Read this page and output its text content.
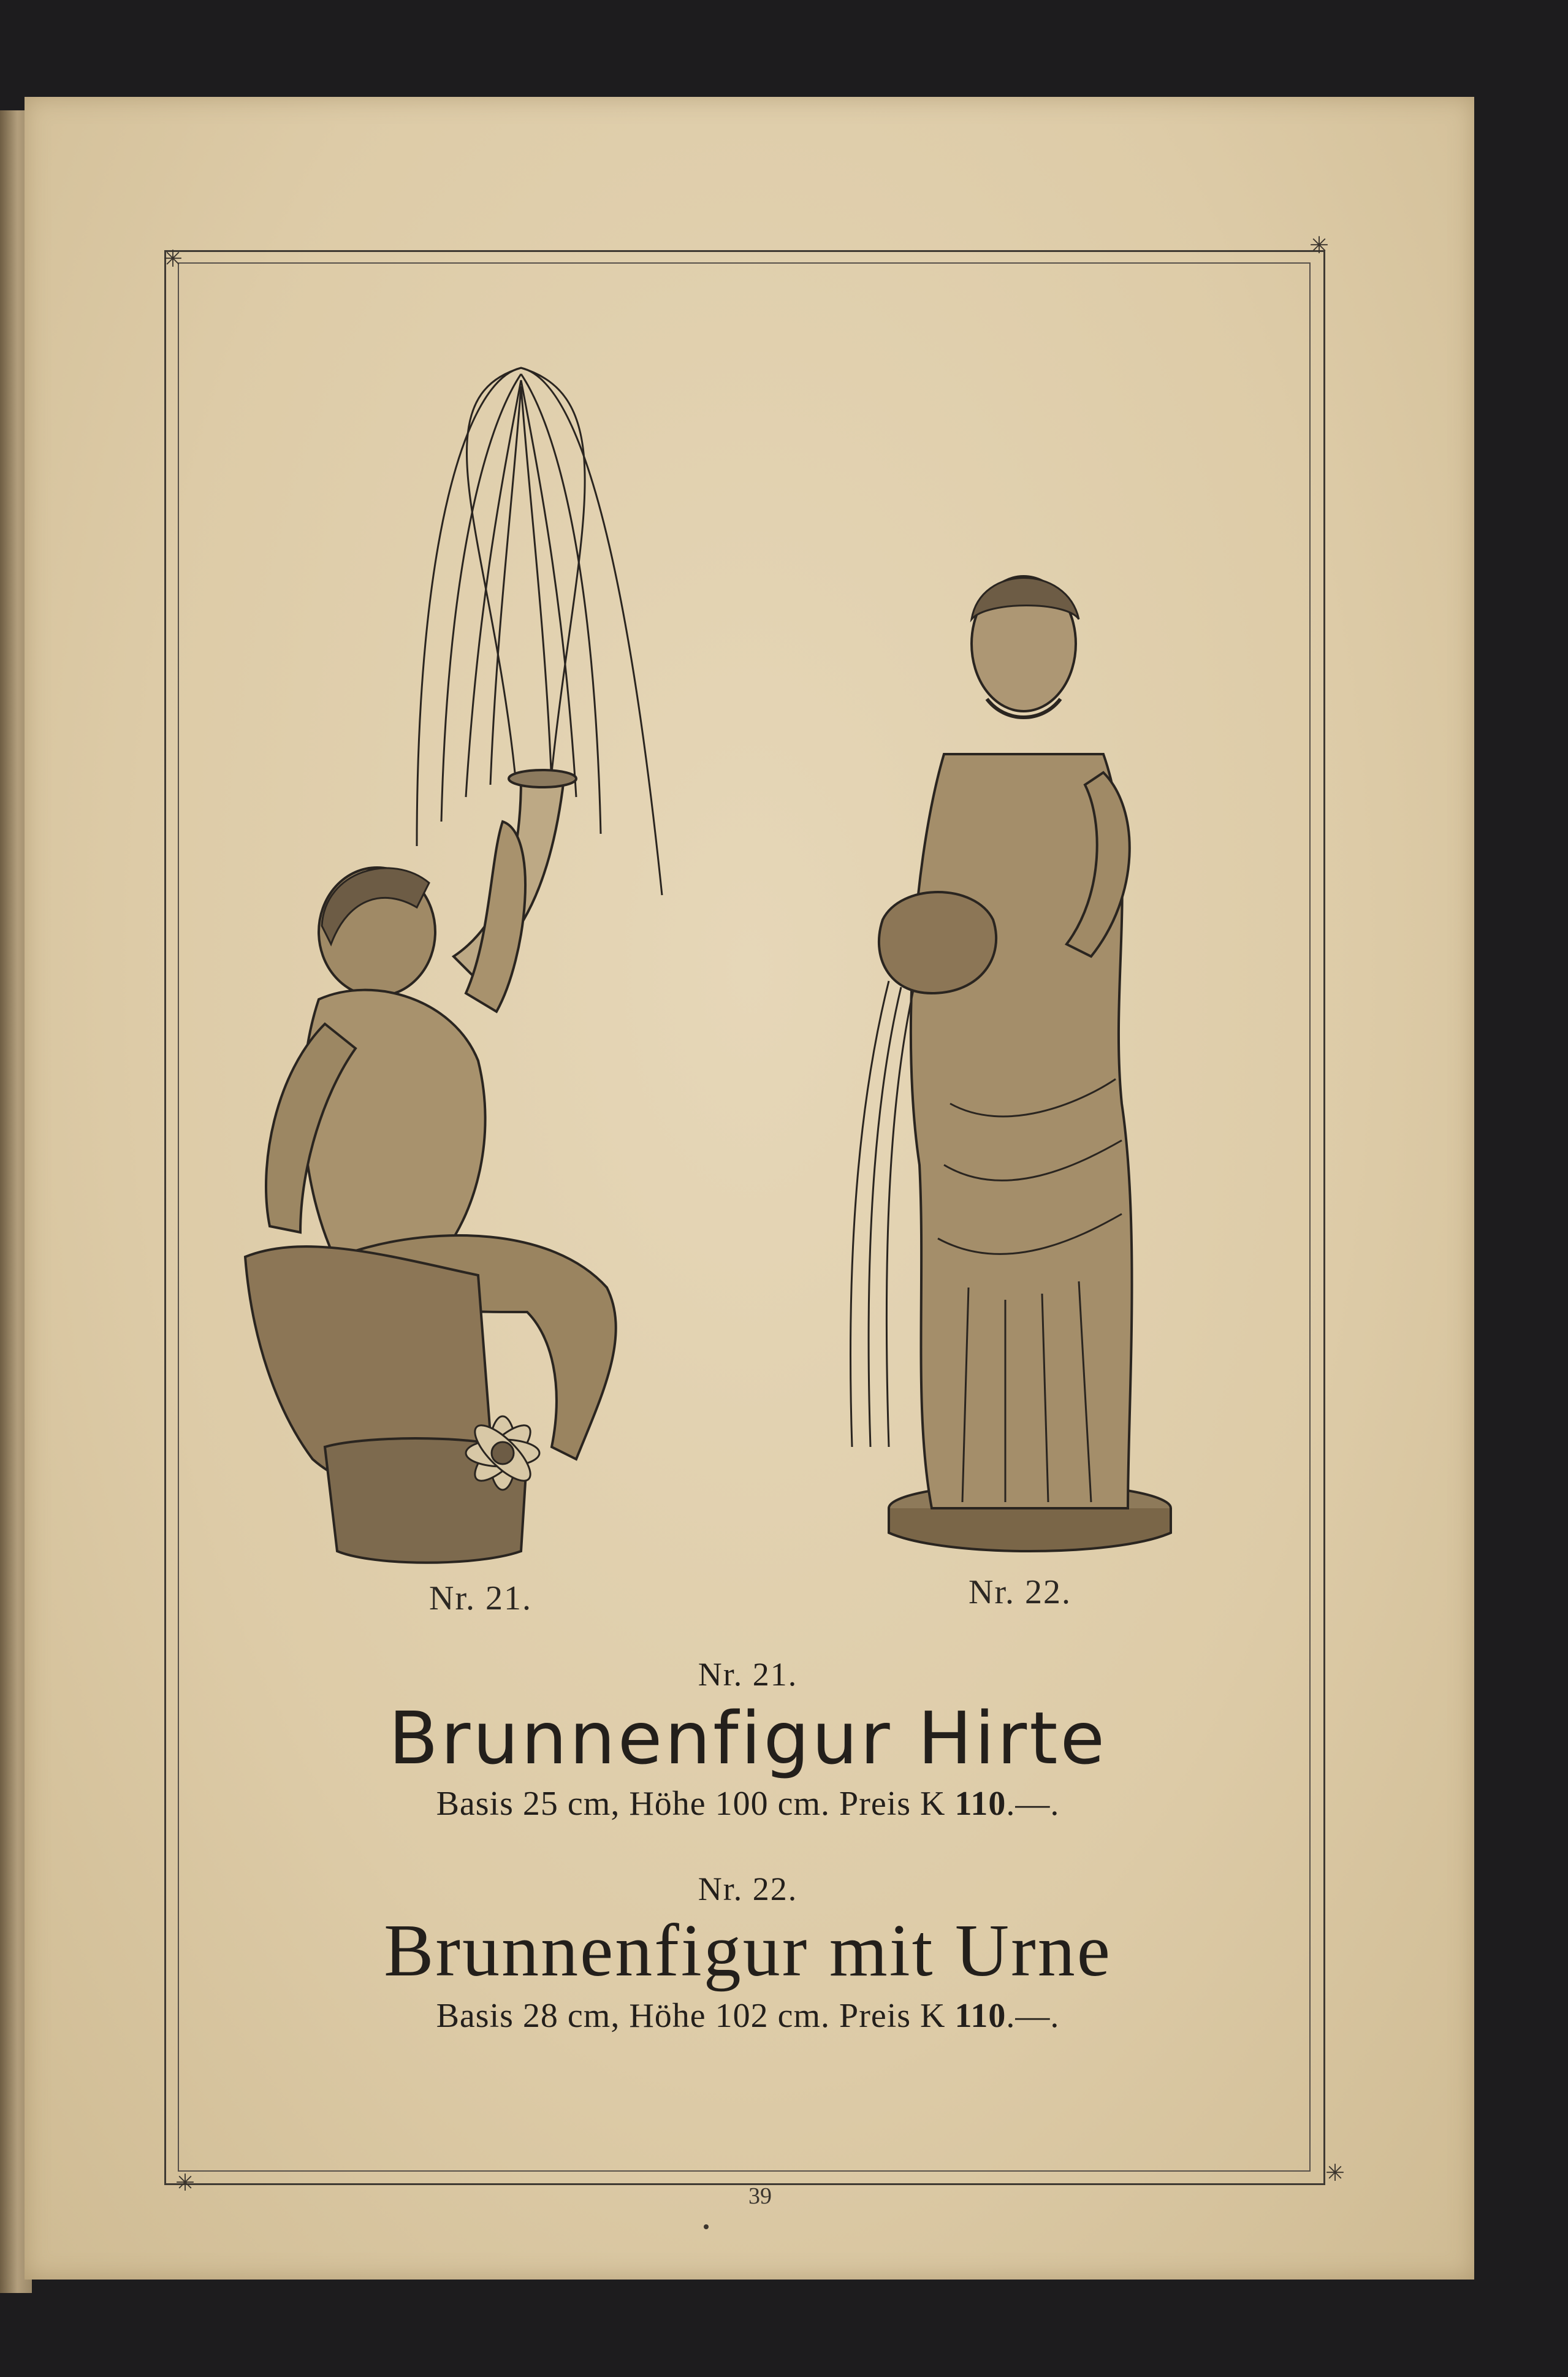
✳	✳
✳	✳
Nr. 21.	Nr. 22.
Nr. 21.
Brunnenfigur Hirte
Basis 25 cm, Höhe 100 cm. Preis K 110.—.
Nr. 22.
Brunnenfigur mit Urne
Basis 28 cm, Höhe 102 cm. Preis K 110.—.
39
